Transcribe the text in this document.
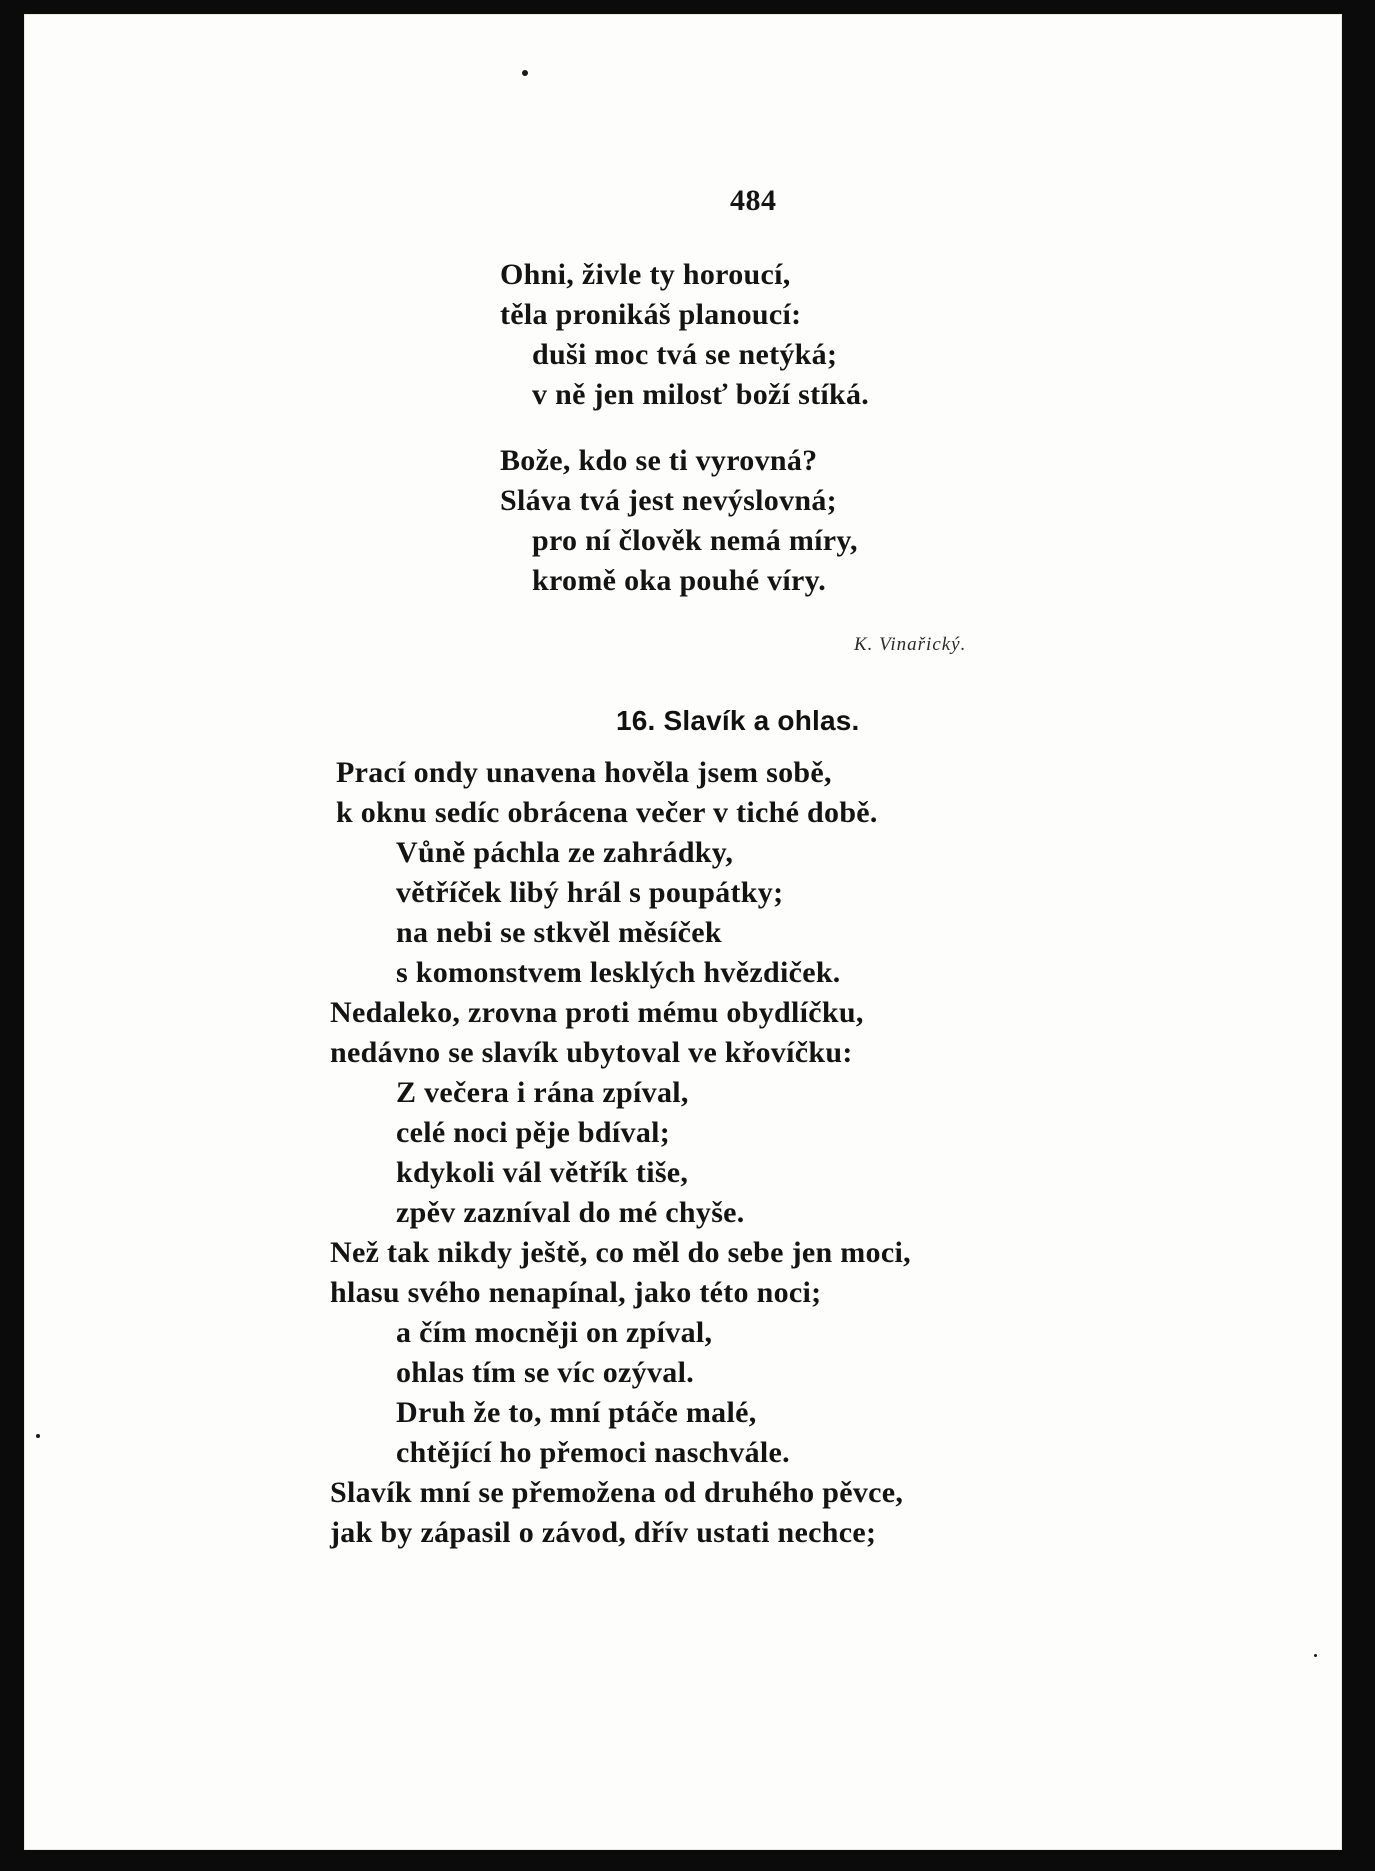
484
Ohni, živle ty horoucí,
těla pronikáš planoucí:
duši moc tvá se netýká;
v ně jen milosť boží stíká.
Bože, kdo se ti vyrovná?
Sláva tvá jest nevýslovná;
pro ní člověk nemá míry,
kromě oka pouhé víry.
K. Vinařický.
16. Slavík a ohlas.
Prací ondy unavena hověla jsem sobě,
k oknu sedíc obrácena večer v tiché době.
Vůně páchla ze zahrádky,
větříček libý hrál s poupátky;
na nebi se stkvěl měsíček
s komonstvem lesklých hvězdiček.
Nedaleko, zrovna proti mému obydlíčku,
nedávno se slavík ubytoval ve křovíčku:
Z večera i rána zpíval,
celé noci pěje bdíval;
kdykoli vál větřík tiše,
zpěv zazníval do mé chyše.
Než tak nikdy ještě, co měl do sebe jen moci,
hlasu svého nenapínal, jako této noci;
a čím mocněji on zpíval,
ohlas tím se víc ozýval.
Druh že to, mní ptáče malé,
chtějící ho přemoci naschvále.
Slavík mní se přemožena od druhého pěvce,
jak by zápasil o závod, dřív ustati nechce;
